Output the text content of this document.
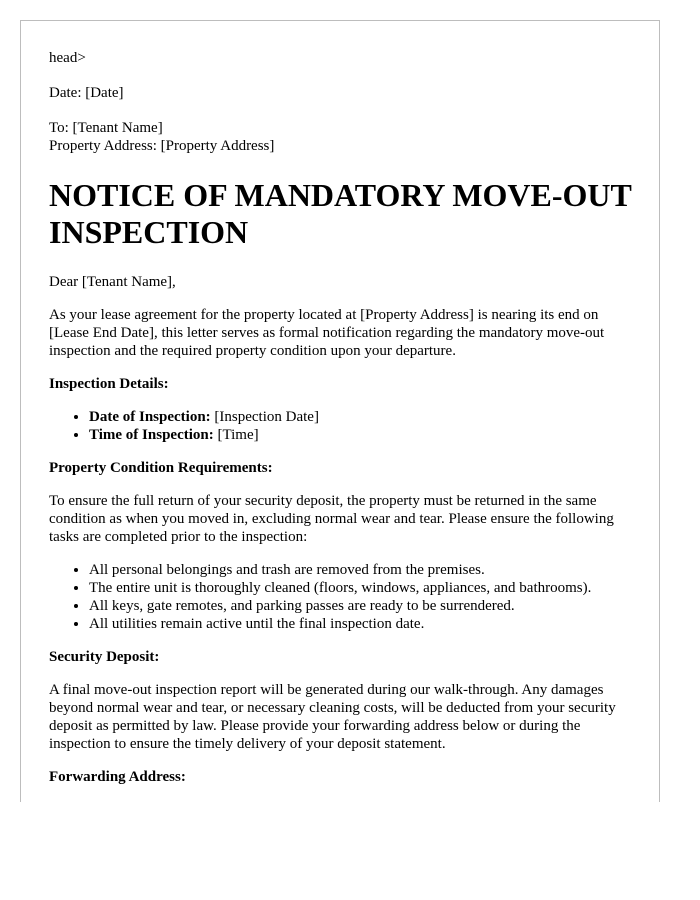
head>

Date: [Date]

To: [Tenant Name]

Property Address: [Property Address]

NOTICE OF MANDATORY MOVE-OUT INSPECTION

Dear [Tenant Name],

As your lease agreement for the property located at [Property Address] is nearing its end on [Lease End Date], this letter serves as formal notification regarding the mandatory move-out inspection and the required property condition upon your departure.

Inspection Details:

• Date of Inspection: [Inspection Date]
• Time of Inspection: [Time]

Property Condition Requirements:

To ensure the full return of your security deposit, the property must be returned in the same condition as when you moved in, excluding normal wear and tear. Please ensure the following tasks are completed prior to the inspection:

• All personal belongings and trash are removed from the premises.
• The entire unit is thoroughly cleaned (floors, windows, appliances, and bathrooms).
• All keys, gate remotes, and parking passes are ready to be surrendered.
• All utilities remain active until the final inspection date.

Security Deposit:

A final move-out inspection report will be generated during our walk-through. Any damages beyond normal wear and tear, or necessary cleaning costs, will be deducted from your security deposit as permitted by law. Please provide your forwarding address below or during the inspection to ensure the timely delivery of your deposit statement.

Forwarding Address:
